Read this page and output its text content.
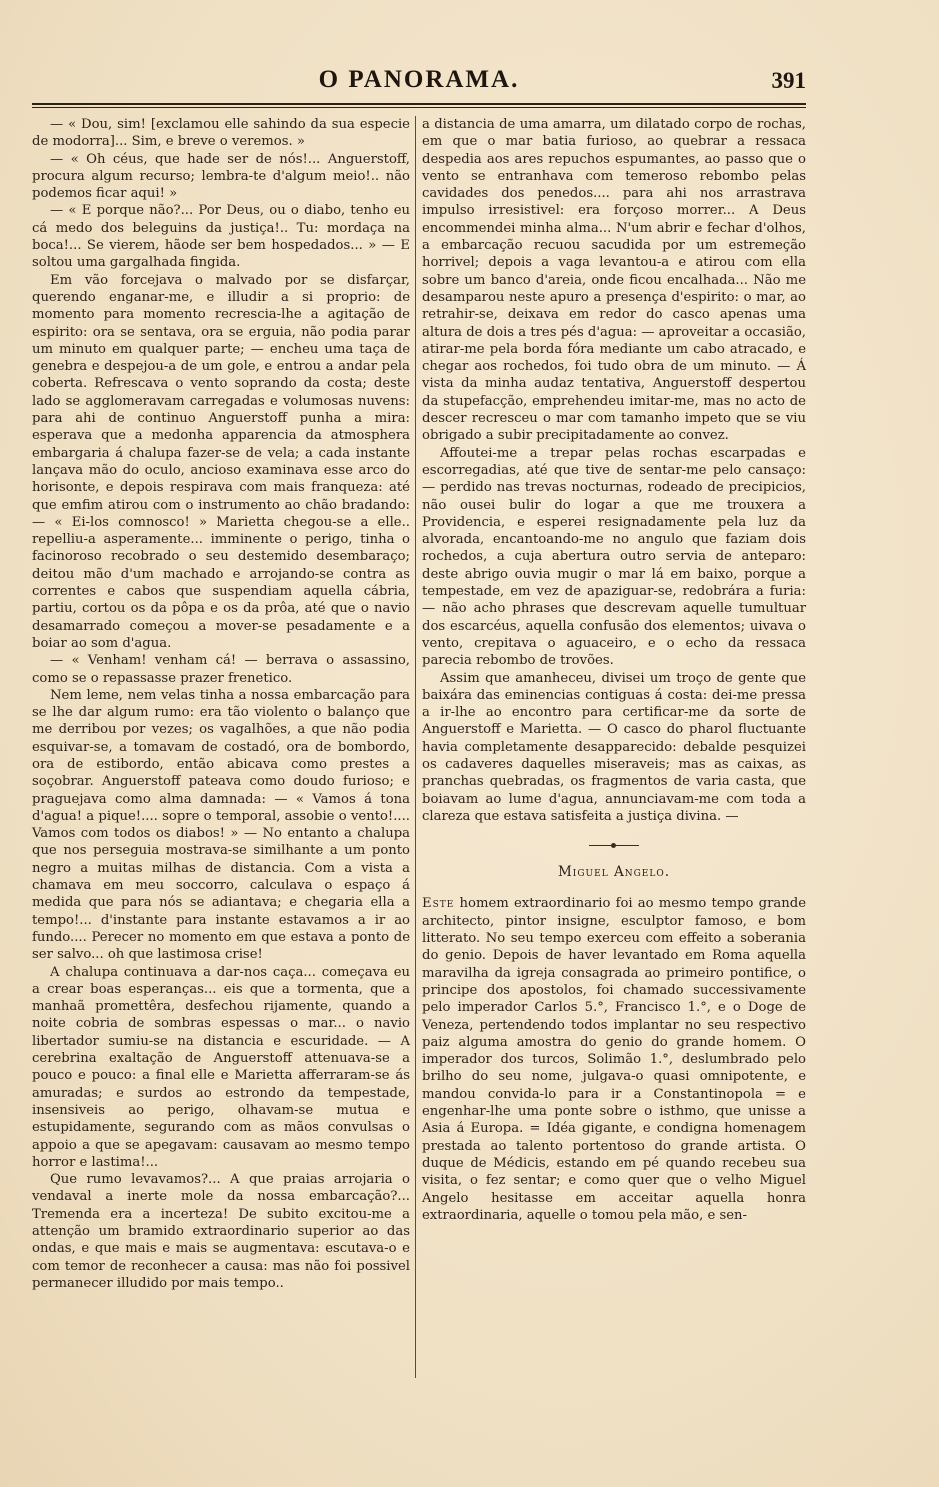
O PANORAMA.	391

— « Dou, sim! [exclamou elle sahindo da sua especie de modorra]... Sim, e breve o veremos. »

— « Oh céus, que hade ser de nós!... Anguerstoff, procura algum recurso; lembra-te d'algum meio!.. não podemos ficar aqui! »

— « E porque não?... Por Deus, ou o diabo, tenho eu cá medo dos beleguins da justiça!.. Tu: mordaça na boca!... Se vierem, hãode ser bem hospedados... » — E soltou uma gargalhada fingida.

Em vão forcejava o malvado por se disfarçar, querendo enganar-me, e illudir a si proprio: de momento para momento recrescia-lhe a agitação de espirito: ora se sentava, ora se erguia, não podia parar um minuto em qualquer parte; — encheu uma taça de genebra e despejou-a de um gole, e entrou a andar pela coberta. Refrescava o vento soprando da costa; deste lado se agglomeravam carregadas e volumosas nuvens: para ahi de continuo Anguerstoff punha a mira: esperava que a medonha apparencia da atmosphera embargaria á chalupa fazer-se de vela; a cada instante lançava mão do oculo, ancioso examinava esse arco do horisonte, e depois respirava com mais franqueza: até que emfim atirou com o instrumento ao chão bradando: — « Ei-los comnosco! » Marietta chegou-se a elle.. repelliu-a asperamente... imminente o perigo, tinha o facinoroso recobrado o seu destemido desembaraço; deitou mão d'um machado e arrojando-se contra as correntes e cabos que suspendiam aquella cábria, partiu, cortou os da pôpa e os da prôa, até que o navio desamarrado começou a mover-se pesadamente e a boiar ao som d'agua.

— « Venham! venham cá! — berrava o assassino, como se o repassasse prazer frenetico.

Nem leme, nem velas tinha a nossa embarcação para se lhe dar algum rumo: era tão violento o balanço que me derribou por vezes; os vagalhões, a que não podia esquivar-se, a tomavam de costadó, ora de bombordo, ora de estibordo, então abicava como prestes a soçobrar. Anguerstoff pateava como doudo furioso; e praguejava como alma damnada: — « Vamos á tona d'agua! a pique!.... sopre o temporal, assobie o vento!.... Vamos com todos os diabos! » — No entanto a chalupa que nos perseguia mostrava-se similhante a um ponto negro a muitas milhas de distancia. Com a vista a chamava em meu soccorro, calculava o espaço á medida que para nós se adiantava; e chegaria ella a tempo!... d'instante para instante estavamos a ir ao fundo.... Perecer no momento em que estava a ponto de ser salvo... oh que lastimosa crise!

A chalupa continuava a dar-nos caça... começava eu a crear boas esperanças... eis que a tormenta, que a manhaã promettêra, desfechou rijamente, quando a noite cobria de sombras espessas o mar... o navio libertador sumiu-se na distancia e escuridade. — A cerebrina exaltação de Anguerstoff attenuava-se a pouco e pouco: a final elle e Marietta afferraram-se ás amuradas; e surdos ao estrondo da tempestade, insensiveis ao perigo, olhavam-se mutua e estupidamente, segurando com as mãos convulsas o appoio a que se apegavam: causavam ao mesmo tempo horror e lastima!...

Que rumo levavamos?... A que praias arrojaria o vendaval a inerte mole da nossa embarcação?... Tremenda era a incerteza! De subito excitou-me a attenção um bramido extraordinario superior ao das ondas, e que mais e mais se augmentava: escutava-o e com temor de reconhecer a causa: mas não foi possivel permanecer illudido por mais tempo..

a distancia de uma amarra, um dilatado corpo de rochas, em que o mar batia furioso, ao quebrar a ressaca despedia aos ares repuchos espumantes, ao passo que o vento se entranhava com temeroso rebombo pelas cavidades dos penedos.... para ahi nos arrastrava impulso irresistivel: era forçoso morrer... A Deus encommendei minha alma... N'um abrir e fechar d'olhos, a embarcação recuou sacudida por um estremeção horrivel; depois a vaga levantou-a e atirou com ella sobre um banco d'areia, onde ficou encalhada... Não me desamparou neste apuro a presença d'espirito: o mar, ao retrahir-se, deixava em redor do casco apenas uma altura de dois a tres pés d'agua: — aproveitar a occasião, atirar-me pela borda fóra mediante um cabo atracado, e chegar aos rochedos, foi tudo obra de um minuto. — Á vista da minha audaz tentativa, Anguerstoff despertou da stupefacção, emprehendeu imitar-me, mas no acto de descer recresceu o mar com tamanho impeto que se viu obrigado a subir precipitadamente ao convez.

Affoutei-me a trepar pelas rochas escarpadas e escorregadias, até que tive de sentar-me pelo cansaço: — perdido nas trevas nocturnas, rodeado de precipicios, não ousei bulir do logar a que me trouxera a Providencia, e esperei resignadamente pela luz da alvorada, encantoando-me no angulo que faziam dois rochedos, a cuja abertura outro servia de anteparo: deste abrigo ouvia mugir o mar lá em baixo, porque a tempestade, em vez de apaziguar-se, redobrára a furia: — não acho phrases que descrevam aquelle tumultuar dos escarcéus, aquella confusão dos elementos; uivava o vento, crepitava o aguaceiro, e o echo da ressaca parecia rebombo de trovões.

Assim que amanheceu, divisei um troço de gente que baixára das eminencias contiguas á costa: dei-me pressa a ir-lhe ao encontro para certificar-me da sorte de Anguerstoff e Marietta. — O casco do pharol fluctuante havia completamente desapparecido: debalde pesquizei os cadaveres daquelles miseraveis; mas as caixas, as pranchas quebradas, os fragmentos de varia casta, que boiavam ao lume d'agua, annunciavam-me com toda a clareza que estava satisfeita a justiça divina. —

Miguel Angelo.

Este homem extraordinario foi ao mesmo tempo grande architecto, pintor insigne, esculptor famoso, e bom litterato. No seu tempo exerceu com effeito a soberania do genio. Depois de haver levantado em Roma aquella maravilha da igreja consagrada ao primeiro pontifice, o principe dos apostolos, foi chamado successivamente pelo imperador Carlos 5.°, Francisco 1.°, e o Doge de Veneza, pertendendo todos implantar no seu respectivo paiz alguma amostra do genio do grande homem. O imperador dos turcos, Solimão 1.°, deslumbrado pelo brilho do seu nome, julgava-o quasi omnipotente, e mandou convida-lo para ir a Constantinopola = e engenhar-lhe uma ponte sobre o isthmo, que unisse a Asia á Europa. = Idéa gigante, e condigna homenagem prestada ao talento portentoso do grande artista. O duque de Médicis, estando em pé quando recebeu sua visita, o fez sentar; e como quer que o velho Miguel Angelo hesitasse em acceitar aquella honra extraordinaria, aquelle o tomou pela mão, e sen-
